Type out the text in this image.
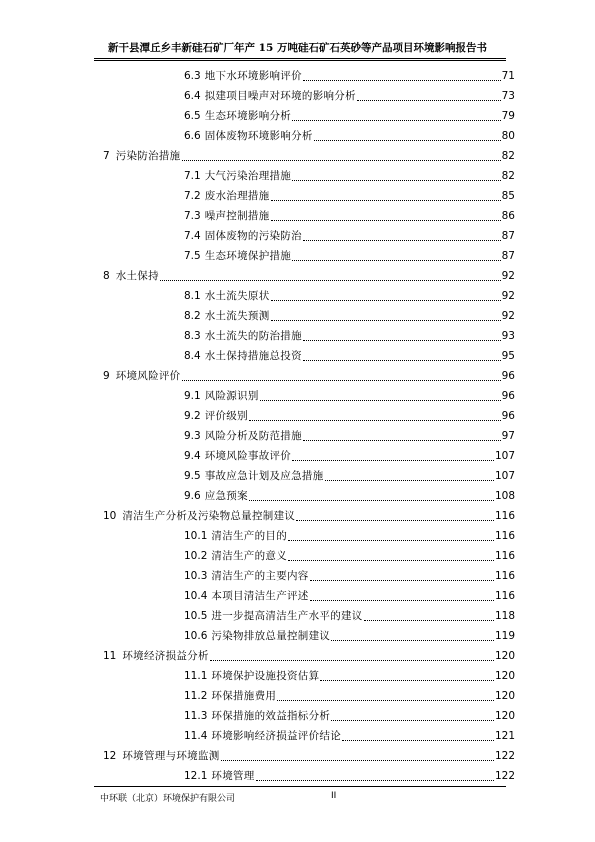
新干县潭丘乡丰新硅石矿厂年产 15 万吨硅石矿石英砂等产品项目环境影响报告书
6.3 地下水环境影响评价	71
6.4 拟建项目噪声对环境的影响分析	73
6.5 生态环境影响分析	79
6.6 固体废物环境影响分析	80
7 污染防治措施	82
7.1 大气污染治理措施	82
7.2 废水治理措施	85
7.3 噪声控制措施	86
7.4 固体废物的污染防治	87
7.5 生态环境保护措施	87
8 水土保持	92
8.1 水土流失原状	92
8.2 水土流失预测	92
8.3 水土流失的防治措施	93
8.4 水土保持措施总投资	95
9 环境风险评价	96
9.1 风险源识别	96
9.2 评价级别	96
9.3 风险分析及防范措施	97
9.4 环境风险事故评价	107
9.5 事故应急计划及应急措施	107
9.6 应急预案	108
10 清洁生产分析及污染物总量控制建议	116
10.1 清洁生产的目的	116
10.2 清洁生产的意义	116
10.3 清洁生产的主要内容	116
10.4 本项目清洁生产评述	116
10.5 进一步提高清洁生产水平的建议	118
10.6 污染物排放总量控制建议	119
11 环境经济损益分析	120
11.1 环境保护设施投资估算	120
11.2 环保措施费用	120
11.3 环保措施的效益指标分析	120
11.4 环境影响经济损益评价结论	121
12 环境管理与环境监测	122
12.1 环境管理	122
中环联（北京）环境保护有限公司	II
